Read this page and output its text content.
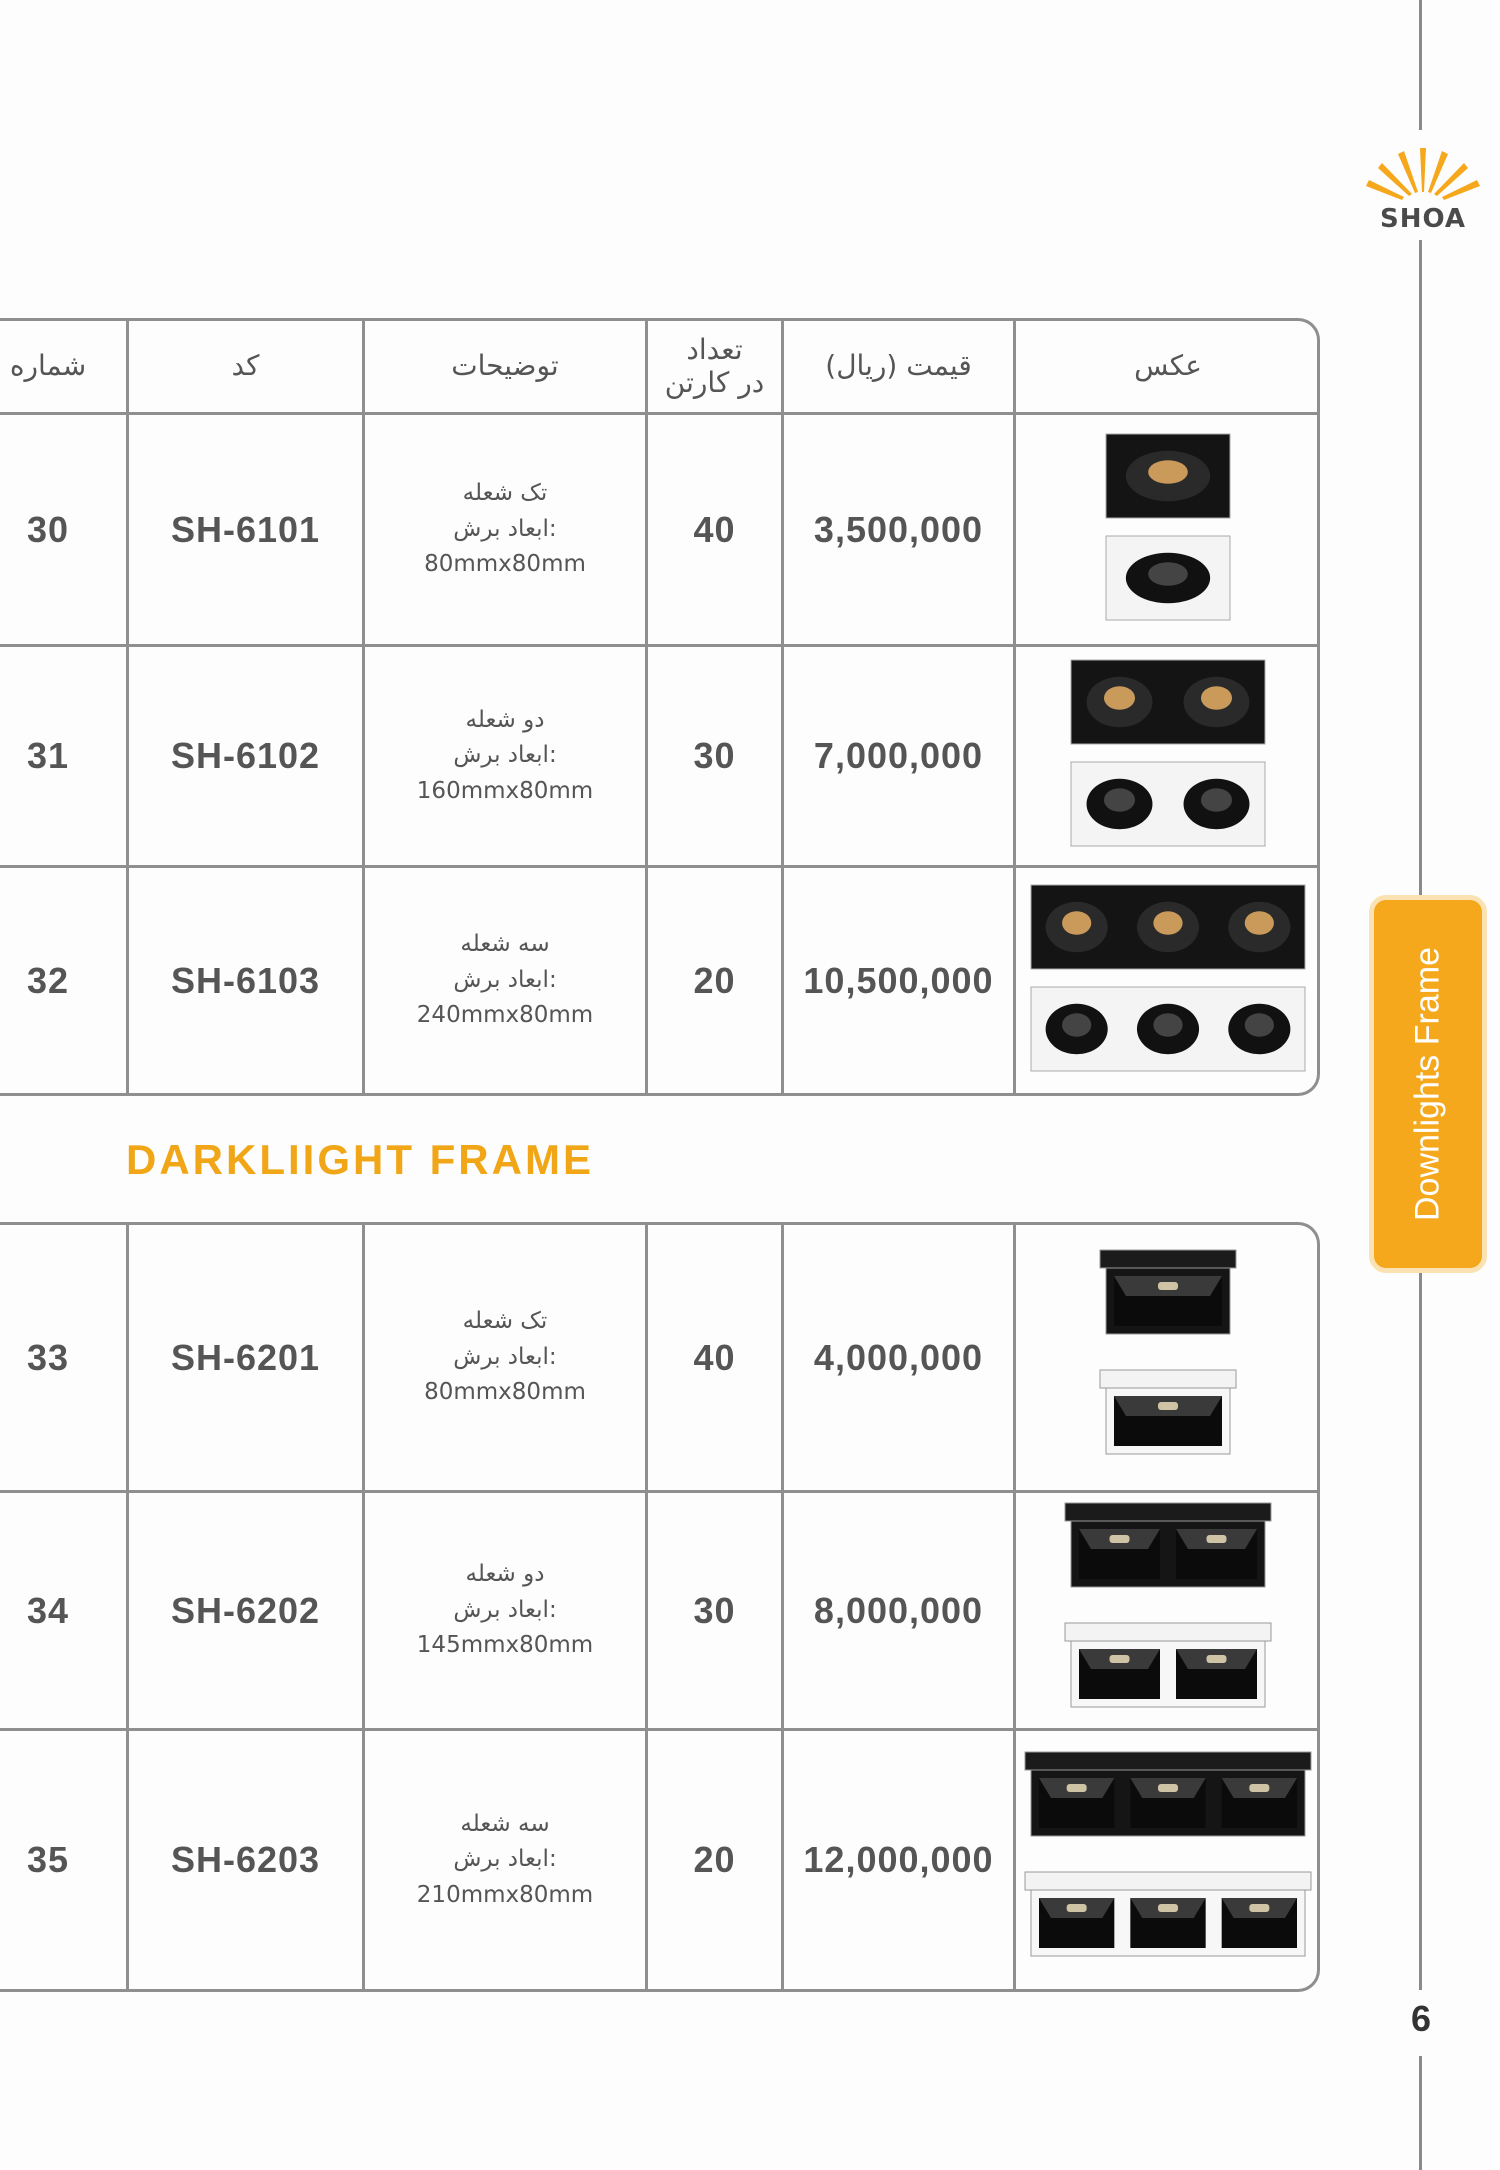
SHOA
Downlights Frame
6
شماره	کد	توضیحات	تعداد
در کارتن	قیمت (ریال)	عکس
30	SH-6101
تک شعله
ابعاد برش:
80mmx80mm
40	3,500,000
31	SH-6102
دو شعله
ابعاد برش:
160mmx80mm
30	7,000,000
32	SH-6103
سه شعله
ابعاد برش:
240mmx80mm
20	10,500,000
DARKLIIGHT FRAME
33	SH-6201
تک شعله
ابعاد برش:
80mmx80mm
40	4,000,000
34	SH-6202
دو شعله
ابعاد برش:
145mmx80mm
30	8,000,000
35	SH-6203
سه شعله
ابعاد برش:
210mmx80mm
20	12,000,000
